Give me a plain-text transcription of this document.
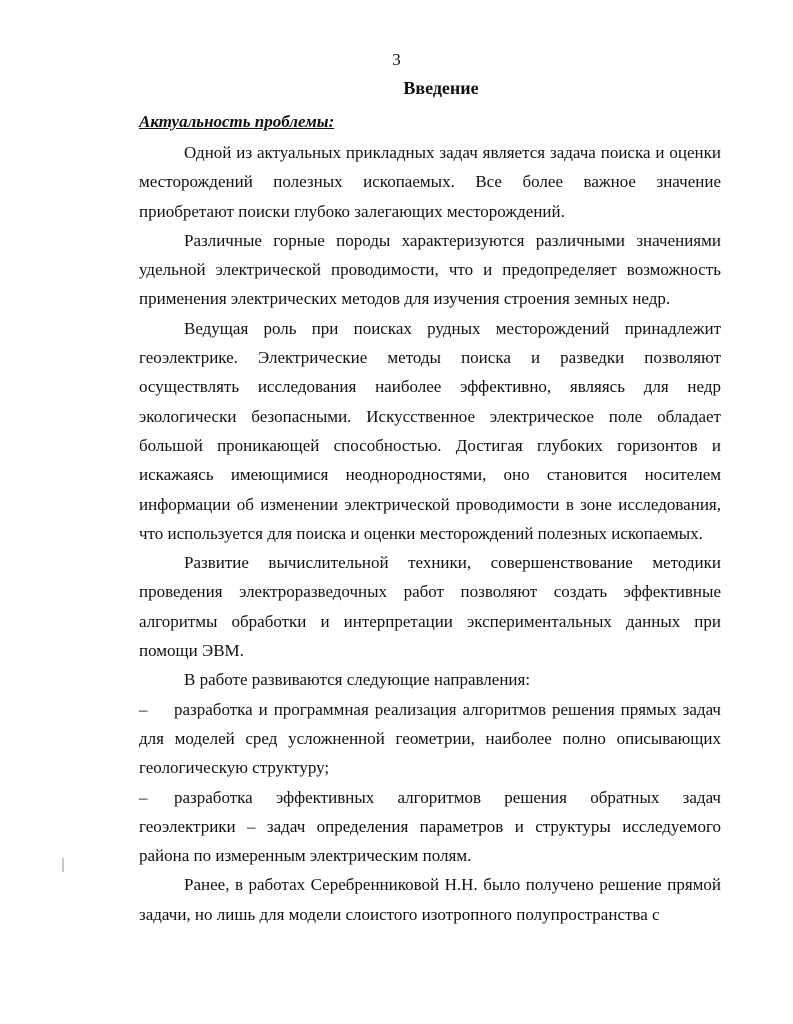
3
Введение
Актуальность проблемы:

Одной из актуальных прикладных задач является задача поиска и оценки месторождений полезных ископаемых. Все более важное значение приобретают поиски глубоко залегающих месторождений.

Различные горные породы характеризуются различными значениями удельной электрической проводимости, что и предопределяет возможность применения электрических методов для изучения строения земных недр.

Ведущая роль при поисках рудных месторождений принадлежит геоэлектрике. Электрические методы поиска и разведки позволяют осуществлять исследования наиболее эффективно, являясь для недр экологически безопасными. Искусственное электрическое поле обладает большой проникающей способностью. Достигая глубоких горизонтов и искажаясь имеющимися неоднородностями, оно становится носителем информации об изменении электрической проводимости в зоне исследования, что используется для поиска и оценки месторождений полезных ископаемых.

Развитие вычислительной техники, совершенствование методики проведения электроразведочных работ позволяют создать эффективные алгоритмы обработки и интерпретации экспериментальных данных при помощи ЭВМ.

В работе развиваются следующие направления:

– разработка и программная реализация алгоритмов решения прямых задач для моделей сред усложненной геометрии, наиболее полно описывающих геологическую структуру;

– разработка эффективных алгоритмов решения обратных задач геоэлектрики – задач определения параметров и структуры исследуемого района по измеренным электрическим полям.

Ранее, в работах Серебренниковой Н.Н. было получено решение прямой задачи, но лишь для модели слоистого изотропного полупространства с
